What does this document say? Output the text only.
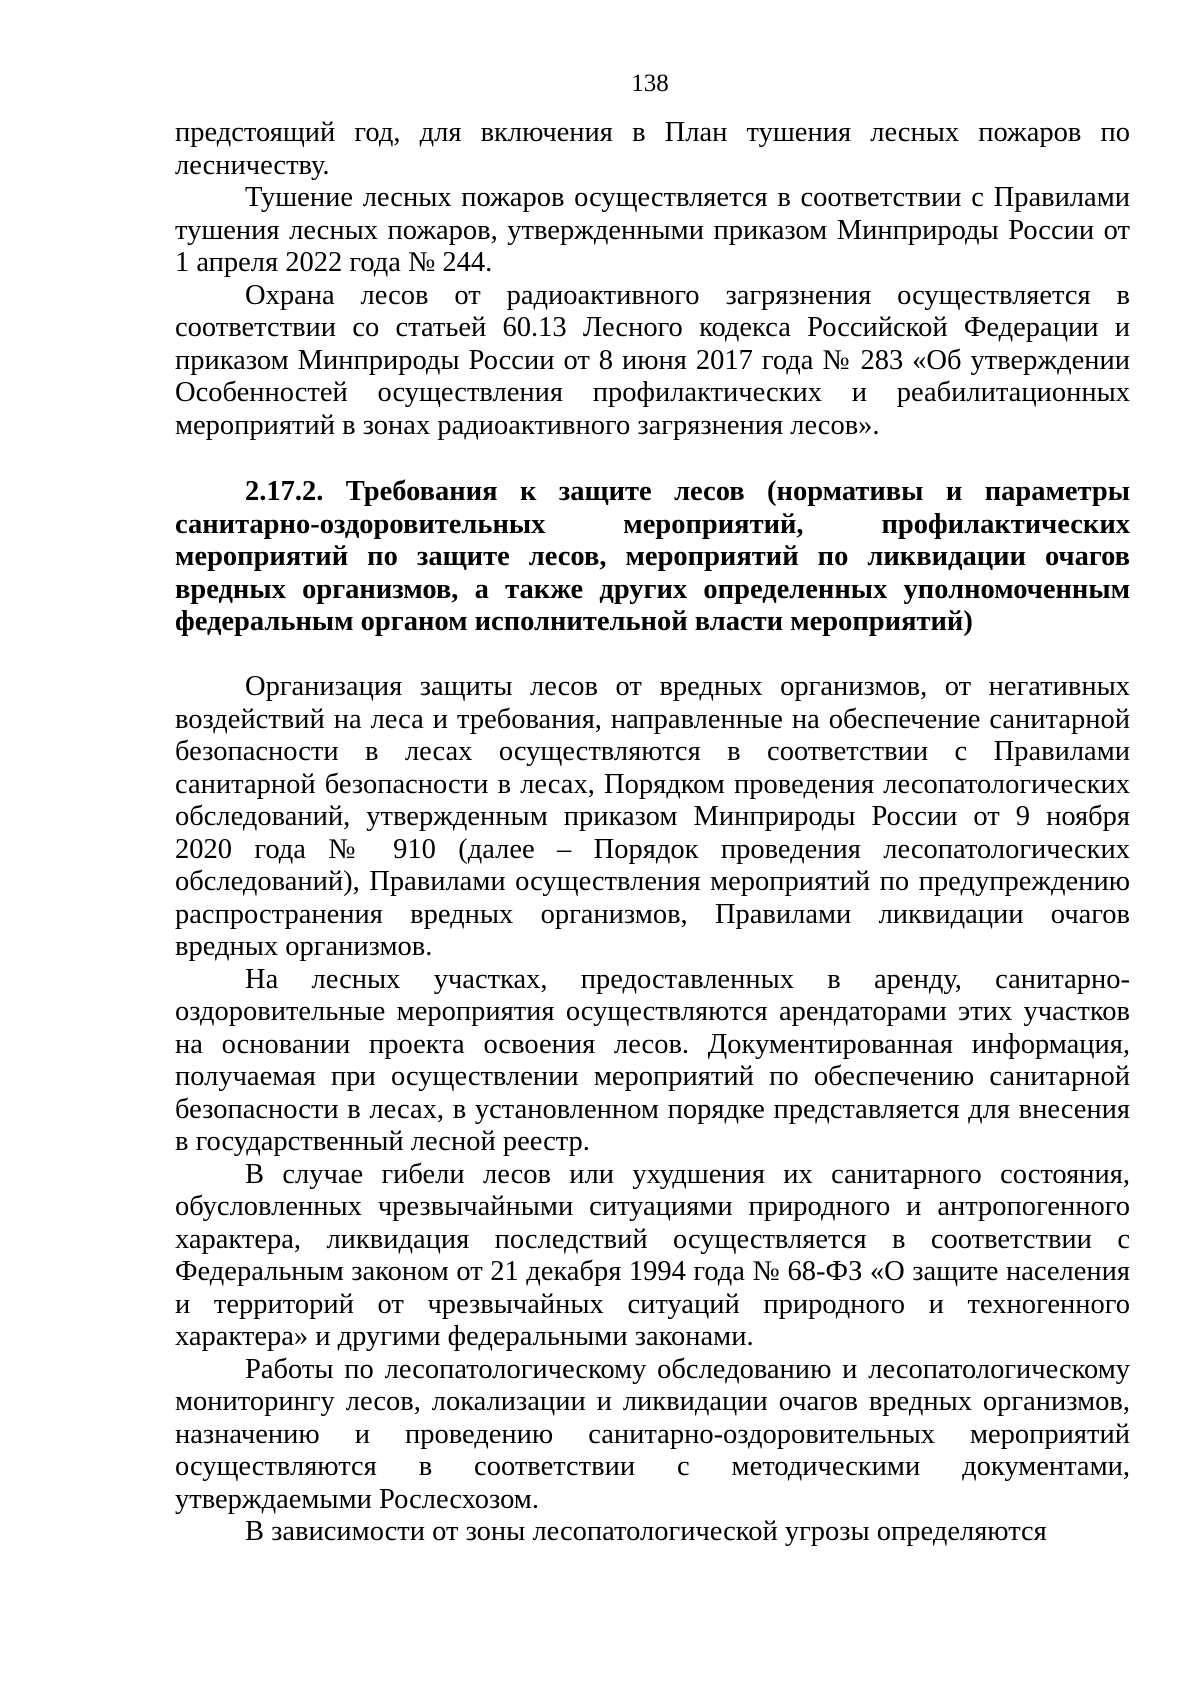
138

предстоящий год, для включения в План тушения лесных пожаров по лесничеству.

Тушение лесных пожаров осуществляется в соответствии с Правилами тушения лесных пожаров, утвержденными приказом Минприроды России от 1 апреля 2022 года № 244.

Охрана лесов от радиоактивного загрязнения осуществляется в соответствии со статьей 60.13 Лесного кодекса Российской Федерации и приказом Минприроды России от 8 июня 2017 года № 283 «Об утверждении Особенностей осуществления профилактических и реабилитационных мероприятий в зонах радиоактивного загрязнения лесов».

2.17.2. Требования к защите лесов (нормативы и параметры санитарно-оздоровительных мероприятий, профилактических мероприятий по защите лесов, мероприятий по ликвидации очагов вредных организмов, а также других определенных уполномоченным федеральным органом исполнительной власти мероприятий)

Организация защиты лесов от вредных организмов, от негативных воздействий на леса и требования, направленные на обеспечение санитарной безопасности в лесах осуществляются в соответствии с Правилами санитарной безопасности в лесах, Порядком проведения лесопатологических обследований, утвержденным приказом Минприроды России от 9 ноября 2020 года № 910 (далее – Порядок проведения лесопатологических обследований), Правилами осуществления мероприятий по предупреждению распространения вредных организмов, Правилами ликвидации очагов вредных организмов.

На лесных участках, предоставленных в аренду, санитарно-оздоровительные мероприятия осуществляются арендаторами этих участков на основании проекта освоения лесов. Документированная информация, получаемая при осуществлении мероприятий по обеспечению санитарной безопасности в лесах, в установленном порядке представляется для внесения в государственный лесной реестр.

В случае гибели лесов или ухудшения их санитарного состояния, обусловленных чрезвычайными ситуациями природного и антропогенного характера, ликвидация последствий осуществляется в соответствии с Федеральным законом от 21 декабря 1994 года № 68-ФЗ «О защите населения и территорий от чрезвычайных ситуаций природного и техногенного характера» и другими федеральными законами.

Работы по лесопатологическому обследованию и лесопатологическому мониторингу лесов, локализации и ликвидации очагов вредных организмов, назначению и проведению санитарно-оздоровительных мероприятий осуществляются в соответствии с методическими документами, утверждаемыми Рослесхозом.

В зависимости от зоны лесопатологической угрозы определяются
